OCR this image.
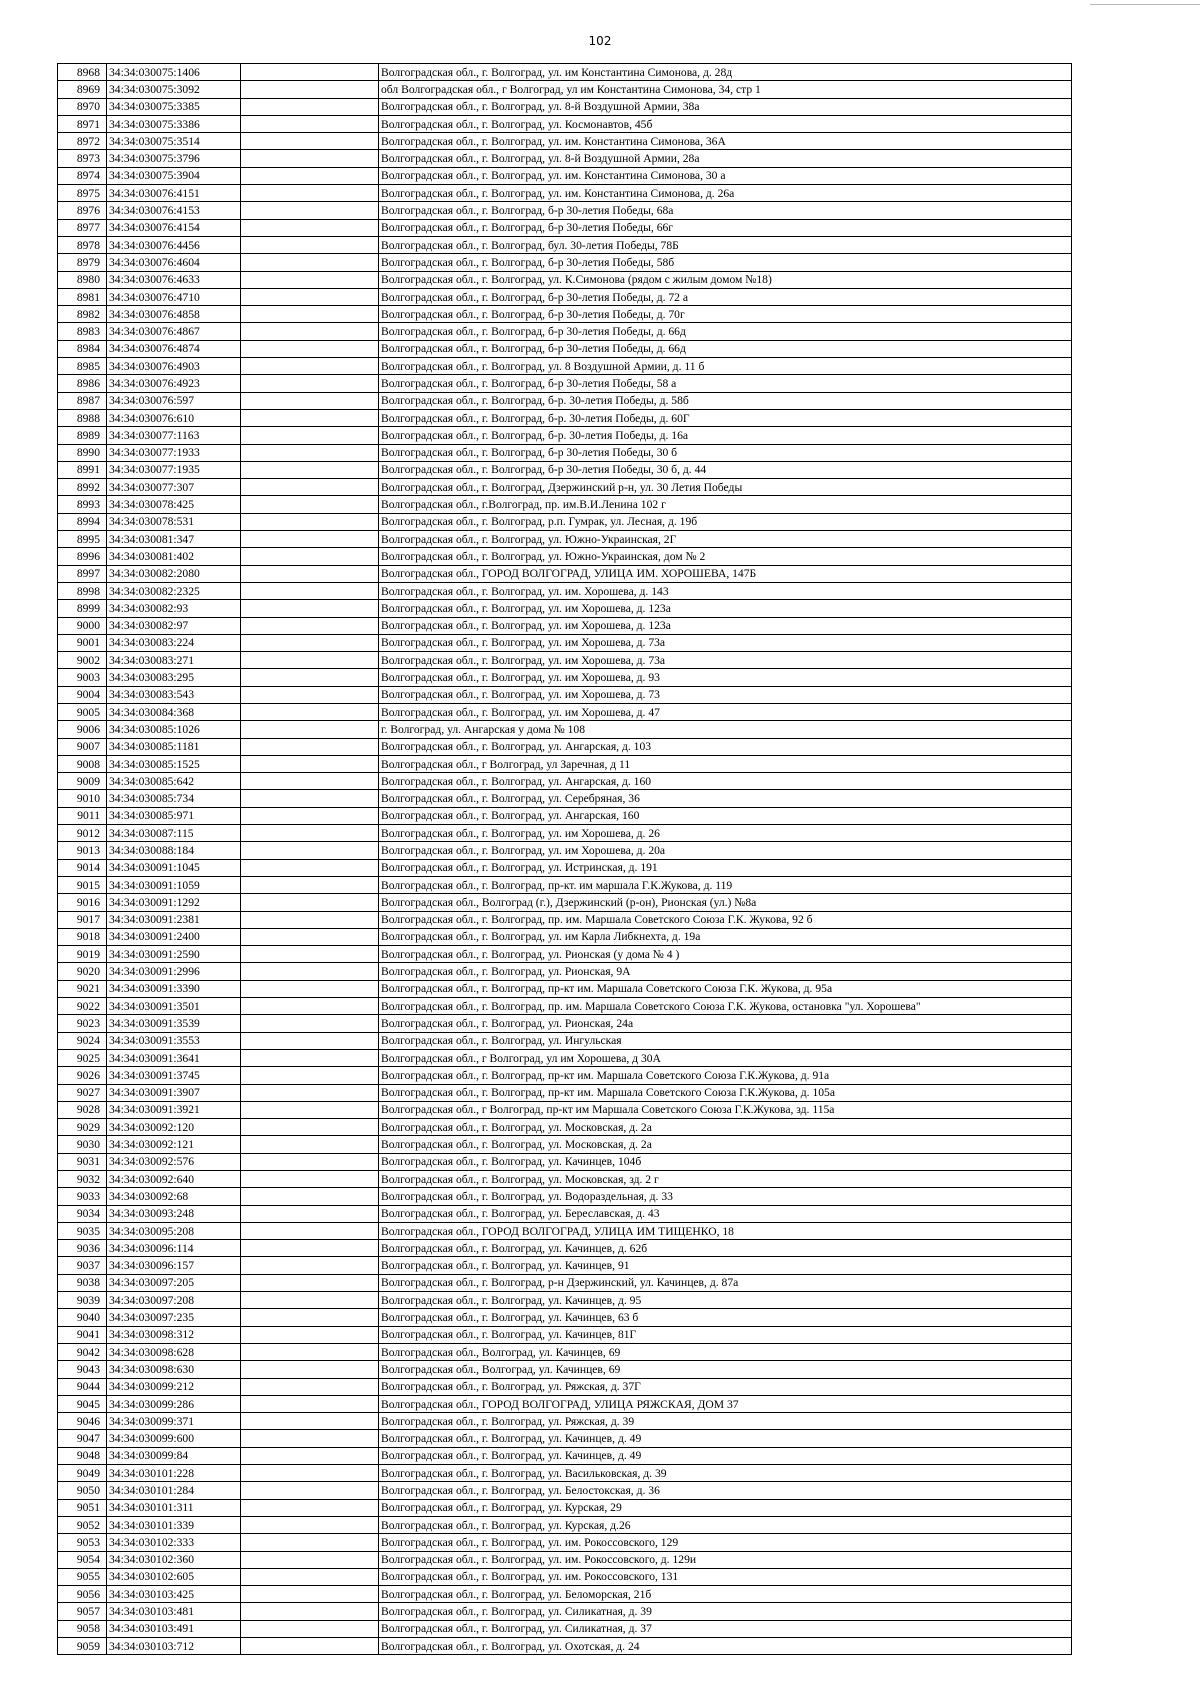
102
8968	34:34:030075:1406			Волгоградская обл., г. Волгоград, ул. им Константина Симонова, д. 28д
8969	34:34:030075:3092			обл Волгоградская обл., г Волгоград, ул им Константина Симонова, 34, стр 1
8970	34:34:030075:3385			Волгоградская обл., г. Волгоград, ул. 8-й Воздушной Армии, 38а
8971	34:34:030075:3386			Волгоградская обл., г. Волгоград, ул. Космонавтов, 45б
8972	34:34:030075:3514			Волгоградская обл., г. Волгоград, ул. им. Константина Симонова, 36А
8973	34:34:030075:3796			Волгоградская обл., г. Волгоград, ул. 8-й Воздушной Армии, 28а
8974	34:34:030075:3904			Волгоградская обл., г. Волгоград, ул. им. Константина Симонова, 30 а
8975	34:34:030076:4151			Волгоградская обл., г. Волгоград, ул. им. Константина Симонова, д. 26а
8976	34:34:030076:4153			Волгоградская обл., г. Волгоград, б-р 30-летия Победы, 68а
8977	34:34:030076:4154			Волгоградская обл., г. Волгоград, б-р 30-летия Победы, 66г
8978	34:34:030076:4456			Волгоградская обл., г. Волгоград, бул. 30-летия Победы, 78Б
8979	34:34:030076:4604			Волгоградская обл., г. Волгоград, б-р 30-летия Победы, 58б
8980	34:34:030076:4633			Волгоградская обл., г. Волгоград, ул. К.Симонова (рядом с жилым домом №18)
8981	34:34:030076:4710			Волгоградская обл., г. Волгоград, б-р 30-летия Победы, д. 72 а
8982	34:34:030076:4858			Волгоградская обл., г. Волгоград, б-р 30-летия Победы, д. 70г
8983	34:34:030076:4867			Волгоградская обл., г. Волгоград, б-р 30-летия Победы, д. 66д
8984	34:34:030076:4874			Волгоградская обл., г. Волгоград, б-р 30-летия Победы, д. 66д
8985	34:34:030076:4903			Волгоградская обл., г. Волгоград, ул. 8 Воздушной Армии, д. 11 б
8986	34:34:030076:4923			Волгоградская обл., г. Волгоград, б-р 30-летия Победы, 58 а
8987	34:34:030076:597			Волгоградская обл., г. Волгоград, б-р. 30-летия Победы, д. 58б
8988	34:34:030076:610			Волгоградская обл., г. Волгоград, б-р. 30-летия Победы, д. 60Г
8989	34:34:030077:1163			Волгоградская обл., г. Волгоград, б-р. 30-летия Победы, д. 16а
8990	34:34:030077:1933			Волгоградская обл., г. Волгоград, б-р 30-летия Победы, 30 б
8991	34:34:030077:1935			Волгоградская обл., г. Волгоград, б-р 30-летия Победы, 30 б, д. 44
8992	34:34:030077:307			Волгоградская обл., г. Волгоград, Дзержинский р-н, ул. 30 Летия Победы
8993	34:34:030078:425			Волгоградская обл., г.Волгоград, пр. им.В.И.Ленина 102 г
8994	34:34:030078:531			Волгоградская обл., г. Волгоград, р.п. Гумрак, ул. Лесная, д. 19б
8995	34:34:030081:347			Волгоградская обл., г. Волгоград, ул. Южно-Украинская, 2Г
8996	34:34:030081:402			Волгоградская обл., г. Волгоград, ул. Южно-Украинская, дом № 2
8997	34:34:030082:2080			Волгоградская обл., ГОРОД ВОЛГОГРАД, УЛИЦА ИМ. ХОРОШЕВА, 147Б
8998	34:34:030082:2325			Волгоградская обл., г. Волгоград, ул. им. Хорошева, д. 143
8999	34:34:030082:93			Волгоградская обл., г. Волгоград, ул. им Хорошева, д. 123а
9000	34:34:030082:97			Волгоградская обл., г. Волгоград, ул. им Хорошева, д. 123а
9001	34:34:030083:224			Волгоградская обл., г. Волгоград, ул. им Хорошева, д. 73а
9002	34:34:030083:271			Волгоградская обл., г. Волгоград, ул. им Хорошева, д. 73а
9003	34:34:030083:295			Волгоградская обл., г. Волгоград, ул. им Хорошева, д. 93
9004	34:34:030083:543			Волгоградская обл., г. Волгоград, ул. им Хорошева, д. 73
9005	34:34:030084:368			Волгоградская обл., г. Волгоград, ул. им Хорошева, д. 47
9006	34:34:030085:1026			г. Волгоград, ул. Ангарская у дома № 108
9007	34:34:030085:1181			Волгоградская обл., г. Волгоград, ул. Ангарская, д. 103
9008	34:34:030085:1525			Волгоградская обл., г Волгоград, ул Заречная, д 11
9009	34:34:030085:642			Волгоградская обл., г. Волгоград, ул. Ангарская, д. 160
9010	34:34:030085:734			Волгоградская обл., г. Волгоград, ул. Серебряная, 36
9011	34:34:030085:971			Волгоградская обл., г. Волгоград, ул. Ангарская, 160
9012	34:34:030087:115			Волгоградская обл., г. Волгоград, ул. им Хорошева, д. 26
9013	34:34:030088:184			Волгоградская обл., г. Волгоград, ул. им Хорошева, д. 20а
9014	34:34:030091:1045			Волгоградская обл., г. Волгоград, ул. Истринская, д. 191
9015	34:34:030091:1059			Волгоградская обл., г. Волгоград, пр-кт. им маршала Г.К.Жукова, д. 119
9016	34:34:030091:1292			Волгоградская обл., Волгоград (г.), Дзержинский (р-он), Рионская (ул.) №8а
9017	34:34:030091:2381			Волгоградская обл., г. Волгоград, пр. им. Маршала Советского Союза Г.К. Жукова, 92 б
9018	34:34:030091:2400			Волгоградская обл., г. Волгоград, ул. им Карла Либкнехта, д. 19а
9019	34:34:030091:2590			Волгоградская обл., г. Волгоград, ул. Рионская (у дома № 4 )
9020	34:34:030091:2996			Волгоградская обл., г. Волгоград, ул. Рионская, 9А
9021	34:34:030091:3390			Волгоградская обл., г. Волгоград, пр-кт им. Маршала Советского Союза Г.К. Жукова, д. 95а
9022	34:34:030091:3501			Волгоградская обл., г. Волгоград, пр. им. Маршала Советского Союза Г.К. Жукова, остановка "ул. Хорошева"
9023	34:34:030091:3539			Волгоградская обл., г. Волгоград, ул. Рионская, 24а
9024	34:34:030091:3553			Волгоградская обл., г. Волгоград, ул. Ингульская
9025	34:34:030091:3641			Волгоградская обл., г Волгоград, ул им Хорошева, д 30А
9026	34:34:030091:3745			Волгоградская обл., г. Волгоград, пр-кт им. Маршала Советского Союза Г.К.Жукова, д. 91а
9027	34:34:030091:3907			Волгоградская обл., г. Волгоград, пр-кт им. Маршала Советского Союза Г.К.Жукова, д. 105а
9028	34:34:030091:3921			Волгоградская обл., г Волгоград, пр-кт им Маршала Советского Союза Г.К.Жукова, зд. 115а
9029	34:34:030092:120			Волгоградская обл., г. Волгоград, ул. Московская, д. 2а
9030	34:34:030092:121			Волгоградская обл., г. Волгоград, ул. Московская, д. 2а
9031	34:34:030092:576			Волгоградская обл., г. Волгоград, ул. Качинцев, 104б
9032	34:34:030092:640			Волгоградская обл., г. Волгоград, ул. Московская, зд. 2 г
9033	34:34:030092:68			Волгоградская обл., г. Волгоград, ул. Водораздельная, д. 33
9034	34:34:030093:248			Волгоградская обл., г. Волгоград, ул. Береславская, д. 43
9035	34:34:030095:208			Волгоградская обл., ГОРОД ВОЛГОГРАД, УЛИЦА ИМ ТИЩЕНКО, 18
9036	34:34:030096:114			Волгоградская обл., г. Волгоград, ул. Качинцев, д. 62б
9037	34:34:030096:157			Волгоградская обл., г. Волгоград, ул. Качинцев, 91
9038	34:34:030097:205			Волгоградская обл., г. Волгоград, р-н Дзержинский, ул. Качинцев, д. 87а
9039	34:34:030097:208			Волгоградская обл., г. Волгоград, ул. Качинцев, д. 95
9040	34:34:030097:235			Волгоградская обл., г. Волгоград, ул. Качинцев, 63 б
9041	34:34:030098:312			Волгоградская обл., г. Волгоград, ул. Качинцев, 81Г
9042	34:34:030098:628			Волгоградская обл., Волгоград, ул. Качинцев, 69
9043	34:34:030098:630			Волгоградская обл., Волгоград, ул. Качинцев, 69
9044	34:34:030099:212			Волгоградская обл., г. Волгоград, ул. Ряжская, д. 37Г
9045	34:34:030099:286			Волгоградская обл., ГОРОД ВОЛГОГРАД, УЛИЦА РЯЖСКАЯ, ДОМ 37
9046	34:34:030099:371			Волгоградская обл., г. Волгоград, ул. Ряжская, д. 39
9047	34:34:030099:600			Волгоградская обл., г. Волгоград, ул. Качинцев, д. 49
9048	34:34:030099:84			Волгоградская обл., г. Волгоград, ул. Качинцев, д. 49
9049	34:34:030101:228			Волгоградская обл., г. Волгоград, ул. Васильковская, д. 39
9050	34:34:030101:284			Волгоградская обл., г. Волгоград, ул. Белостокская, д. 36
9051	34:34:030101:311			Волгоградская обл., г. Волгоград, ул. Курская, 29
9052	34:34:030101:339			Волгоградская обл., г. Волгоград, ул. Курская, д.26
9053	34:34:030102:333			Волгоградская обл., г. Волгоград, ул. им. Рокоссовского, 129
9054	34:34:030102:360			Волгоградская обл., г. Волгоград, ул. им. Рокоссовского, д. 129и
9055	34:34:030102:605			Волгоградская обл., г. Волгоград, ул. им. Рокоссовского, 131
9056	34:34:030103:425			Волгоградская обл., г. Волгоград, ул. Беломорская, 21б
9057	34:34:030103:481			Волгоградская обл., г. Волгоград, ул. Силикатная, д. 39
9058	34:34:030103:491			Волгоградская обл., г. Волгоград, ул. Силикатная, д. 37
9059	34:34:030103:712			Волгоградская обл., г. Волгоград, ул. Охотская, д. 24
